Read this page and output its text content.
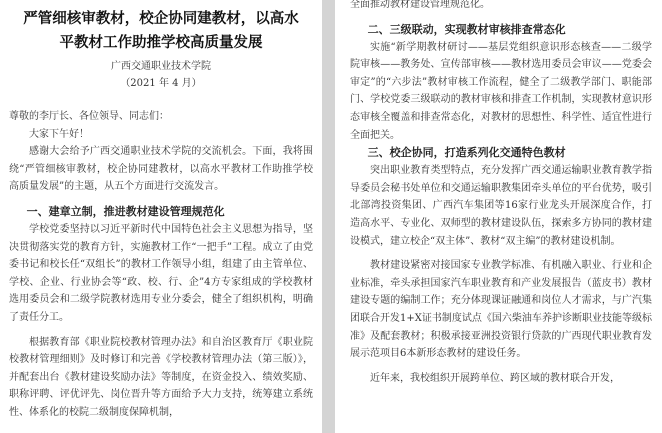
严管细核审教材，校企协同建教材，以高水
平教材工作助推学校高质量发展
广西交通职业技术学院
（2021 年 4 月）

尊敬的李厅长、各位领导、同志们：

大家下午好！

感谢大会给予广西交通职业技术学院的交流机会。下面，我将围绕“严管细核审教材，校企协同建教材，以高水平教材工作助推学校高质量发展”的主题，从五个方面进行交流发言。

一、建章立制，推进教材建设管理规范化

学校党委坚持以习近平新时代中国特色社会主义思想为指导，坚决贯彻落实党的教育方针，实施教材工作“一把手”工程。成立了由党委书记和校长任“双组长”的教材工作领导小组，组建了由主管单位、学校、企业、行业协会等“政、校、行、企”4方专家组成的学校教材选用委员会和二级学院教材选用专业分委会，健全了组织机构，明确了责任分工。

根据教育部《职业院校教材管理办法》和自治区教育厅《职业院校教材管理细则》及时修订和完善《学校教材管理办法（第三版）》，并配套出台《教材建设奖励办法》等制度，在资金投入、绩效奖励、职称评聘、评优评先、岗位晋升等方面给予大力支持，统筹建立系统性、体系化的校院二级制度保障机制，

全面推动教材建设管理规范化。

二、三级联动，实现教材审核排查常态化

实施“新学期教材研讨——基层党组织意识形态核查——二级学院审核——教务处、宣传部审核——教材选用委员会审议——党委会审定”的“六步法”教材审核工作流程，健全了二级教学部门、职能部门、学校党委三级联动的教材审核和排查工作机制，实现教材意识形态审核全覆盖和排查常态化，对教材的思想性、科学性、适宜性进行全面把关。

三、校企协同，打造系列化交通特色教材

突出职业教育类型特点，充分发挥广西交通运输职业教育教学指导委员会秘书处单位和交通运输职教集团牵头单位的平台优势，吸引北部湾投资集团、广西汽车集团等16家行业龙头开展深度合作，打造高水平、专业化、双师型的教材建设队伍，探索多方协同的教材建设模式，建立校企“双主体”、教材“双主编”的教材建设机制。

教材建设紧密对接国家专业教学标准、有机融入职业、行业和企业标准，牵头承担国家汽车职业教育和产业发展报告（蓝皮书）教材建设专题的编制工作；充分体现课证融通和岗位人才需求，与广汽集团联合开发1+X证书制度试点《国六柴油车养护诊断职业技能等级标准》及配套教材；积极承接亚洲投资银行贷款的广西现代职业教育发展示范项目6本新形态教材的建设任务。

近年来，我校组织开展跨单位、跨区域的教材联合开发，
